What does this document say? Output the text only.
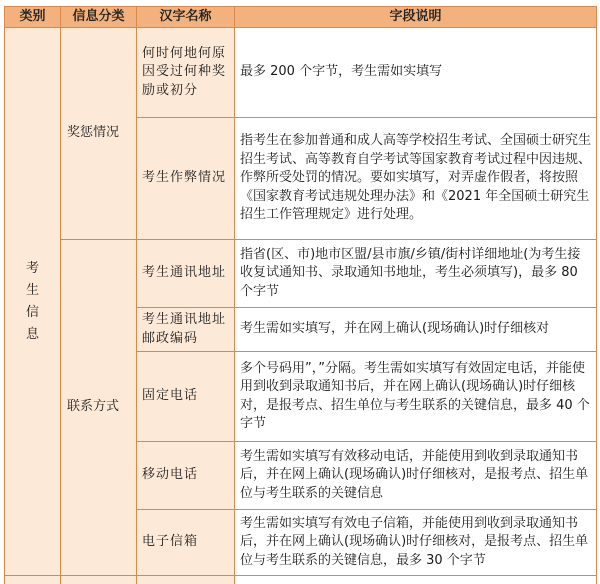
类别	信息分类	汉字名称	字段说明
考生信息	奖惩情况	何时何地何原因受过何种奖励或初分	最多 200 个字节，考生需如实填写
		考生作弊情况	指考生在参加普通和成人高等学校招生考试、全国硕士研究生招生考试、高等教育自学考试等国家教育考试过程中因违规、作弊所受处罚的情况。要如实填写，对弄虚作假者，将按照《国家教育考试违规处理办法》和《2021 年全国硕士研究生招生工作管理规定》进行处理。
	联系方式	考生通讯地址	指省(区、市)地市区盟/县市旗/乡镇/街村详细地址(为考生接收复试通知书、录取通知书地址，考生必须填写)，最多 80 个字节
		考生通讯地址邮政编码	考生需如实填写，并在网上确认(现场确认)时仔细核对
		固定电话	多个号码用”，”分隔。考生需如实填写有效固定电话，并能使用到收到录取通知书后，并在网上确认(现场确认)时仔细核对，是报考点、招生单位与考生联系的关键信息，最多 40 个字节
		移动电话	考生需如实填写有效移动电话，并能使用到收到录取通知书后，并在网上确认(现场确认)时仔细核对，是报考点、招生单位与考生联系的关键信息
		电子信箱	考生需如实填写有效电子信箱，并能使用到收到录取通知书后，并在网上确认(现场确认)时仔细核对，是报考点、招生单位与考生联系的关键信息，最多 30 个字节
